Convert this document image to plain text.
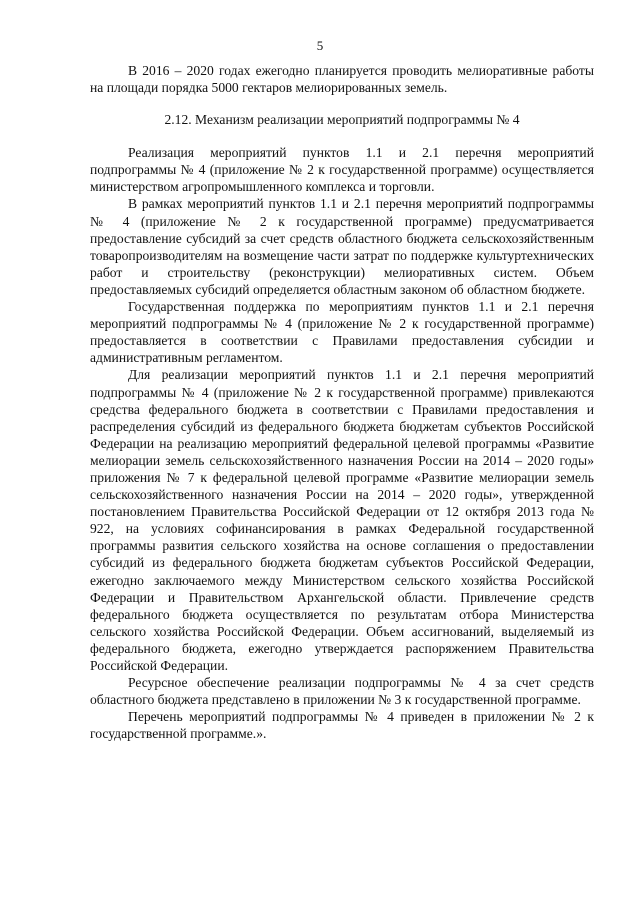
5

В 2016 – 2020 годах ежегодно планируется проводить мелиоративные работы на площади порядка 5000 гектаров мелиорированных земель.

2.12. Механизм реализации мероприятий подпрограммы № 4

Реализация мероприятий пунктов 1.1 и 2.1 перечня мероприятий подпрограммы № 4 (приложение № 2 к государственной программе) осуществляется министерством агропромышленного комплекса и торговли.

В рамках мероприятий пунктов 1.1 и 2.1 перечня мероприятий подпрограммы № 4 (приложение № 2 к государственной программе) предусматривается предоставление субсидий за счет средств областного бюджета сельскохозяйственным товаропроизводителям на возмещение части затрат по поддержке культуртехнических работ и строительству (реконструкции) мелиоративных систем. Объем предоставляемых субсидий определяется областным законом об областном бюджете.

Государственная поддержка по мероприятиям пунктов 1.1 и 2.1 перечня мероприятий подпрограммы № 4 (приложение № 2 к государственной программе) предоставляется в соответствии с Правилами предоставления субсидии и административным регламентом.

Для реализации мероприятий пунктов 1.1 и 2.1 перечня мероприятий подпрограммы № 4 (приложение № 2 к государственной программе) привлекаются средства федерального бюджета в соответствии с Правилами предоставления и распределения субсидий из федерального бюджета бюджетам субъектов Российской Федерации на реализацию мероприятий федеральной целевой программы «Развитие мелиорации земель сельскохозяйственного назначения России на 2014 – 2020 годы» приложения № 7 к федеральной целевой программе «Развитие мелиорации земель сельскохозяйственного назначения России на 2014 – 2020 годы», утвержденной постановлением Правительства Российской Федерации от 12 октября 2013 года № 922, на условиях софинансирования в рамках Федеральной государственной программы развития сельского хозяйства на основе соглашения о предоставлении субсидий из федерального бюджета бюджетам субъектов Российской Федерации, ежегодно заключаемого между Министерством сельского хозяйства Российской Федерации и Правительством Архангельской области. Привлечение средств федерального бюджета осуществляется по результатам отбора Министерства сельского хозяйства Российской Федерации. Объем ассигнований, выделяемый из федерального бюджета, ежегодно утверждается распоряжением Правительства Российской Федерации.

Ресурсное обеспечение реализации подпрограммы № 4 за счет средств областного бюджета представлено в приложении № 3 к государственной программе.

Перечень мероприятий подпрограммы № 4 приведен в приложении № 2 к государственной программе.».
